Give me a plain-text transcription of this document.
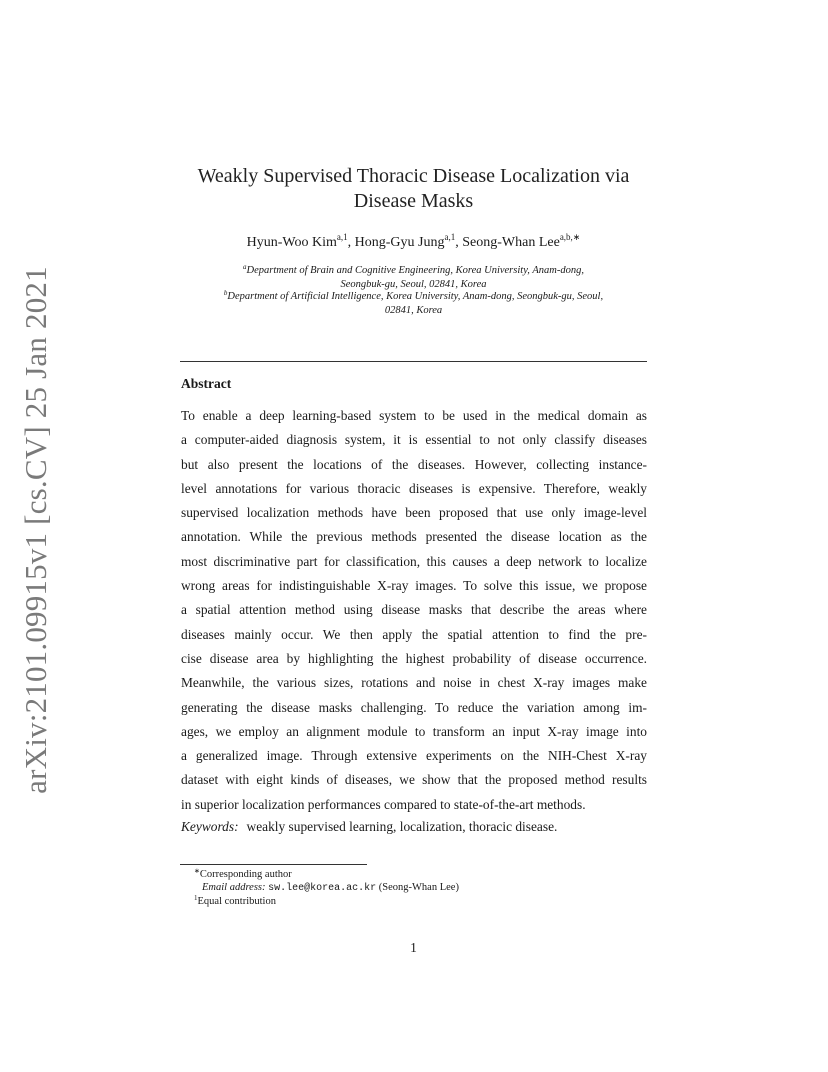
arXiv:2101.09915v1 [cs.CV] 25 Jan 2021
Weakly Supervised Thoracic Disease Localization via
Disease Masks
Hyun-Woo Kim$^{a,1}$, Hong-Gyu Jung$^{a,1}$, Seong-Whan Lee$^{a,b,∗}$
$^a$Department of Brain and Cognitive Engineering, Korea University, Anam-dong,
Seongbuk-gu, Seoul, 02841, Korea
$^b$Department of Artificial Intelligence, Korea University, Anam-dong, Seongbuk-gu, Seoul,
02841, Korea
Abstract
To enable a deep learning-based system to be used in the medical domain as
a computer-aided diagnosis system, it is essential to not only classify diseases
but also present the locations of the diseases. However, collecting instance-
level annotations for various thoracic diseases is expensive. Therefore, weakly
supervised localization methods have been proposed that use only image-level
annotation. While the previous methods presented the disease location as the
most discriminative part for classification, this causes a deep network to localize
wrong areas for indistinguishable X-ray images. To solve this issue, we propose
a spatial attention method using disease masks that describe the areas where
diseases mainly occur. We then apply the spatial attention to find the pre-
cise disease area by highlighting the highest probability of disease occurrence.
Meanwhile, the various sizes, rotations and noise in chest X-ray images make
generating the disease masks challenging. To reduce the variation among im-
ages, we employ an alignment module to transform an input X-ray image into
a generalized image. Through extensive experiments on the NIH-Chest X-ray
dataset with eight kinds of diseases, we show that the proposed method results
in superior localization performances compared to state-of-the-art methods.
Keywords: weakly supervised learning, localization, thoracic disease.
∗Corresponding author
Email address: sw.lee@korea.ac.kr (Seong-Whan Lee)
$^1$Equal contribution
1
